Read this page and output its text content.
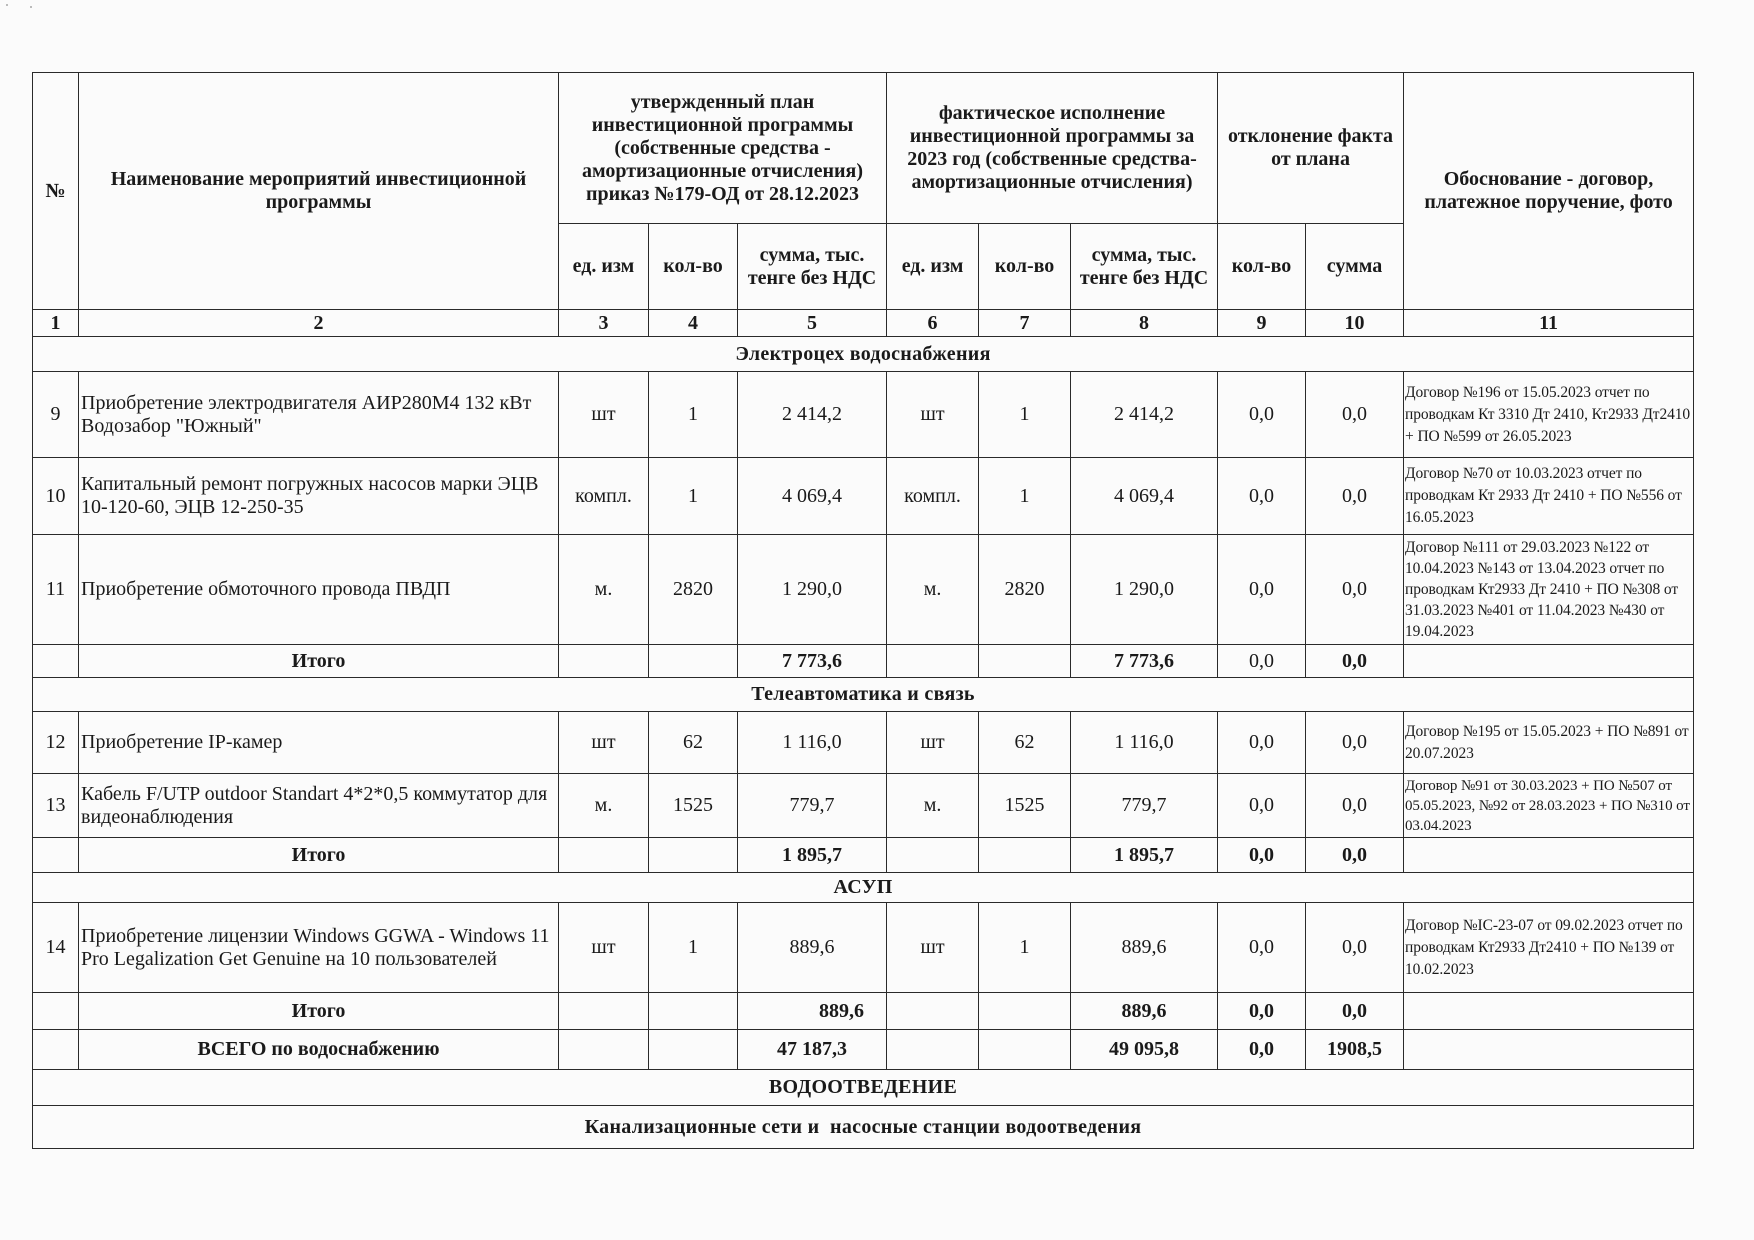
№	Наименование мероприятий инвестиционной программы	утвержденный план инвестиционной программы (собственные средства - амортизационные отчисления) приказ №179-ОД от 28.12.2023			фактическое исполнение инвестиционной программы за 2023 год (собственные средства-амортизационные отчисления)			отклонение факта от плана		Обоснование - договор, платежное поручение, фото
		ед. изм	кол-во	сумма, тыс. тенге без НДС	ед. изм	кол-во	сумма, тыс. тенге без НДС	кол-во	сумма	
1	2	3	4	5	6	7	8	9	10	11
Электроцех водоснабжения										
9	Приобретение электродвигателя АИР280М4 132 кВт Водозабор "Южный"	шт	1	2 414,2	шт	1	2 414,2	0,0	0,0	Договор №196 от 15.05.2023 отчет по проводкам Кт 3310 Дт 2410, Кт2933 Дт2410 + ПО №599 от 26.05.2023
10	Капитальный ремонт погружных насосов марки ЭЦВ 10-120-60, ЭЦВ 12-250-35	компл.	1	4 069,4	компл.	1	4 069,4	0,0	0,0	Договор №70 от 10.03.2023 отчет по проводкам Кт 2933 Дт 2410 + ПО №556 от 16.05.2023
11	Приобретение обмоточного провода ПВДП	м.	2820	1 290,0	м.	2820	1 290,0	0,0	0,0	Договор №111 от 29.03.2023 №122 от 10.04.2023 №143 от 13.04.2023 отчет по проводкам Кт2933 Дт 2410 + ПО №308 от 31.03.2023 №401 от 11.04.2023 №430 от 19.04.2023
	Итого			7 773,6			7 773,6	0,0	0,0	
Телеавтоматика и связь										
12	Приобретение IP-камер	шт	62	1 116,0	шт	62	1 116,0	0,0	0,0	Договор №195 от 15.05.2023 + ПО №891 от 20.07.2023
13	Кабель F/UTP outdoor Standart 4*2*0,5 коммутатор для видеонаблюдения	м.	1525	779,7	м.	1525	779,7	0,0	0,0	Договор №91 от 30.03.2023 + ПО №507 от 05.05.2023, №92 от 28.03.2023 + ПО №310 от 03.04.2023
	Итого			1 895,7			1 895,7	0,0	0,0	
АСУП										
14	Приобретение лицензии Windows GGWA - Windows 11 Pro Legalization Get Genuine на 10 пользователей	шт	1	889,6	шт	1	889,6	0,0	0,0	Договор №IC-23-07 от 09.02.2023 отчет по проводкам Кт2933 Дт2410 + ПО №139 от 10.02.2023
	Итого			889,6			889,6	0,0	0,0	
	ВСЕГО по водоснабжению			47 187,3			49 095,8	0,0	1908,5	
ВОДООТВЕДЕНИЕ										
Канализационные сети и  насосные станции водоотведения										
